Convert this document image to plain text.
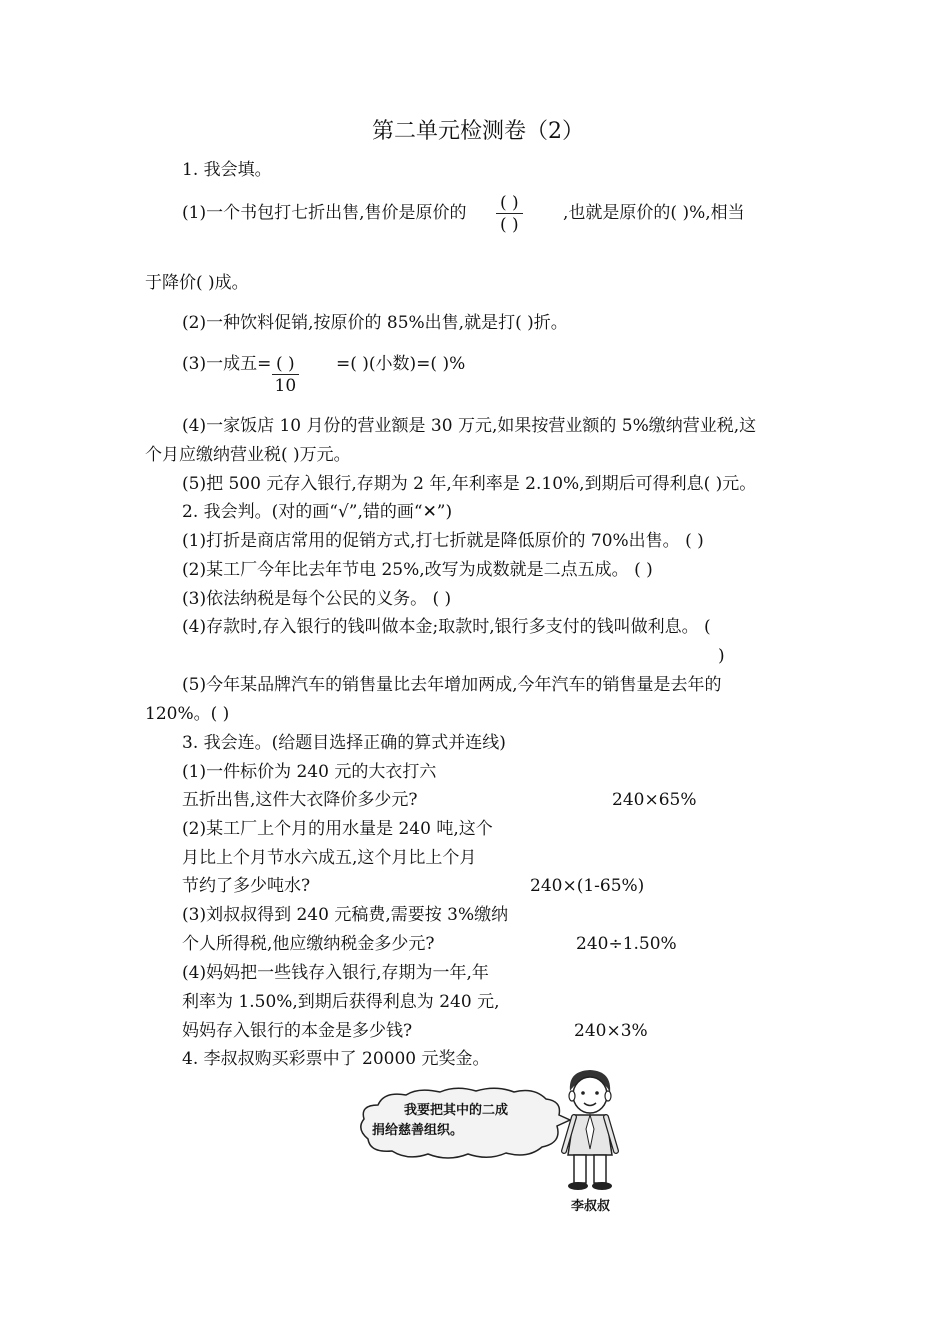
第二单元检测卷（2）
1. 我会填。
(1)一个书包打七折出售,售价是原价的 ( )
( )
,也就是原价的( )%,相当
于降价( )成。
(2)一种饮料促销,按原价的 85%出售,就是打( )折。
(3)一成五= ( )
10
=( )(小数)=( )%
(4)一家饭店 10 月份的营业额是 30 万元,如果按营业额的 5%缴纳营业税,这
个月应缴纳营业税( )万元。
(5)把 500 元存入银行,存期为 2 年,年利率是 2.10%,到期后可得利息( )元。
2. 我会判。(对的画“√”,错的画“✕”)
(1)打折是商店常用的促销方式,打七折就是降低原价的 70%出售。 ( )
(2)某工厂今年比去年节电 25%,改写为成数就是二点五成。 ( )
(3)依法纳税是每个公民的义务。 ( )
(4)存款时,存入银行的钱叫做本金;取款时,银行多支付的钱叫做利息。 (
)
(5)今年某品牌汽车的销售量比去年增加两成,今年汽车的销售量是去年的
120%。( )
3. 我会连。(给题目选择正确的算式并连线)
(1)一件标价为 240 元的大衣打六
五折出售,这件大衣降价多少元?	240×65%
(2)某工厂上个月的用水量是 240 吨,这个
月比上个月节水六成五,这个月比上个月
节约了多少吨水?	240×(1-65%)
(3)刘叔叔得到 240 元稿费,需要按 3%缴纳
个人所得税,他应缴纳税金多少元?	240÷1.50%
(4)妈妈把一些钱存入银行,存期为一年,年
利率为 1.50%,到期后获得利息为 240 元,
妈妈存入银行的本金是多少钱?	240×3%
4. 李叔叔购买彩票中了 20000 元奖金。
我要把其中的二成
捐给慈善组织。
李叔叔
